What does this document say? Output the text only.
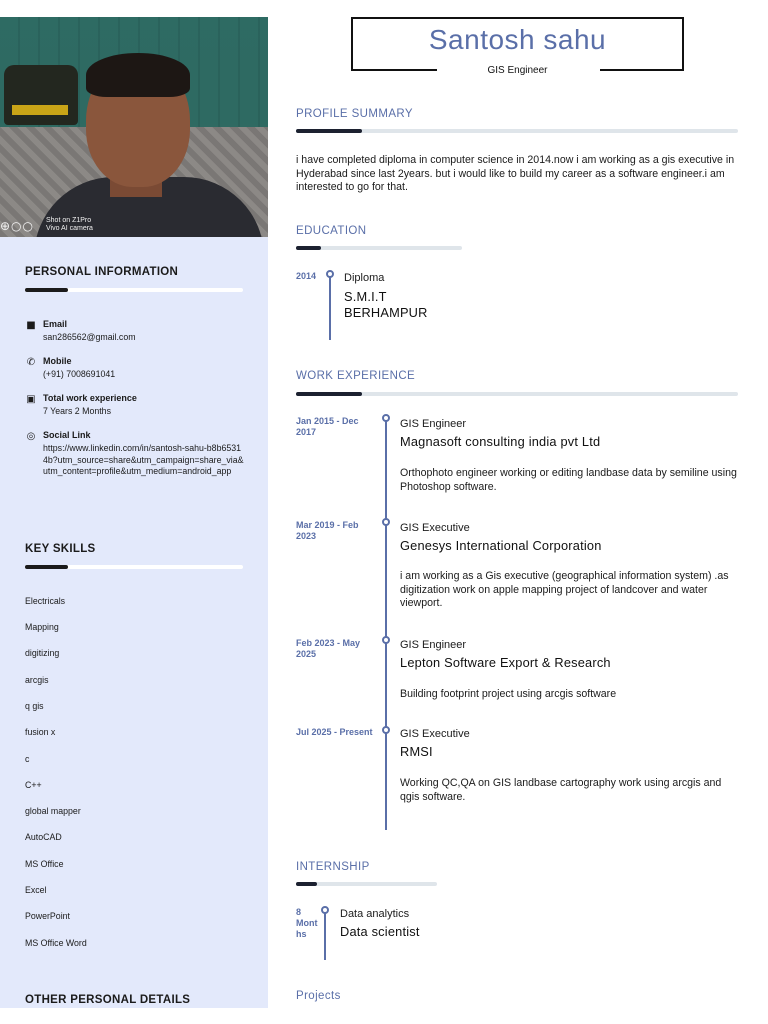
⊕○○ Shot on Z1Pro
Vivo AI camera
PERSONAL INFORMATION
■ Email
san286562@gmail.com
✆ Mobile
(+91) 7008691041
▣ Total work experience
7 Years 2 Months
◎ Social Link
https://www.linkedin.com/in/santosh-sahu-b8b65314b?utm_source=share&utm_campaign=share_via&utm_content=profile&utm_medium=android_app
KEY SKILLS
Electricals
Mapping
digitizing
arcgis
q gis
fusion x
c
C++
global mapper
AutoCAD
MS Office
Excel
PowerPoint
MS Office Word
OTHER PERSONAL DETAILS
Santosh sahu
GIS Engineer
PROFILE SUMMARY
i have completed diploma in computer science in 2014.now i am working as a gis executive in Hyderabad since last 2years. but i would like to build my career as a software engineer.i am interested to go for that.
EDUCATION
2014	Diploma
S.M.I.T
BERHAMPUR
WORK EXPERIENCE
Jan 2015 - Dec 2017
GIS Engineer
Magnasoft consulting india pvt Ltd
Orthophoto engineer working or editing landbase data by semiline using Photoshop software.
Mar 2019 - Feb 2023
GIS Executive
Genesys International Corporation
i am working as a Gis executive (geographical information system) .as digitization work on apple mapping project of landcover and water viewport.
Feb 2023 - May 2025
GIS Engineer
Lepton Software Export & Research
Building footprint project using arcgis software
Jul 2025 - Present	GIS Executive
RMSI
Working QC,QA on GIS landbase cartography work using arcgis and qgis software.
INTERNSHIP
8 Mont hs
Data analytics
Data scientist
Projects
